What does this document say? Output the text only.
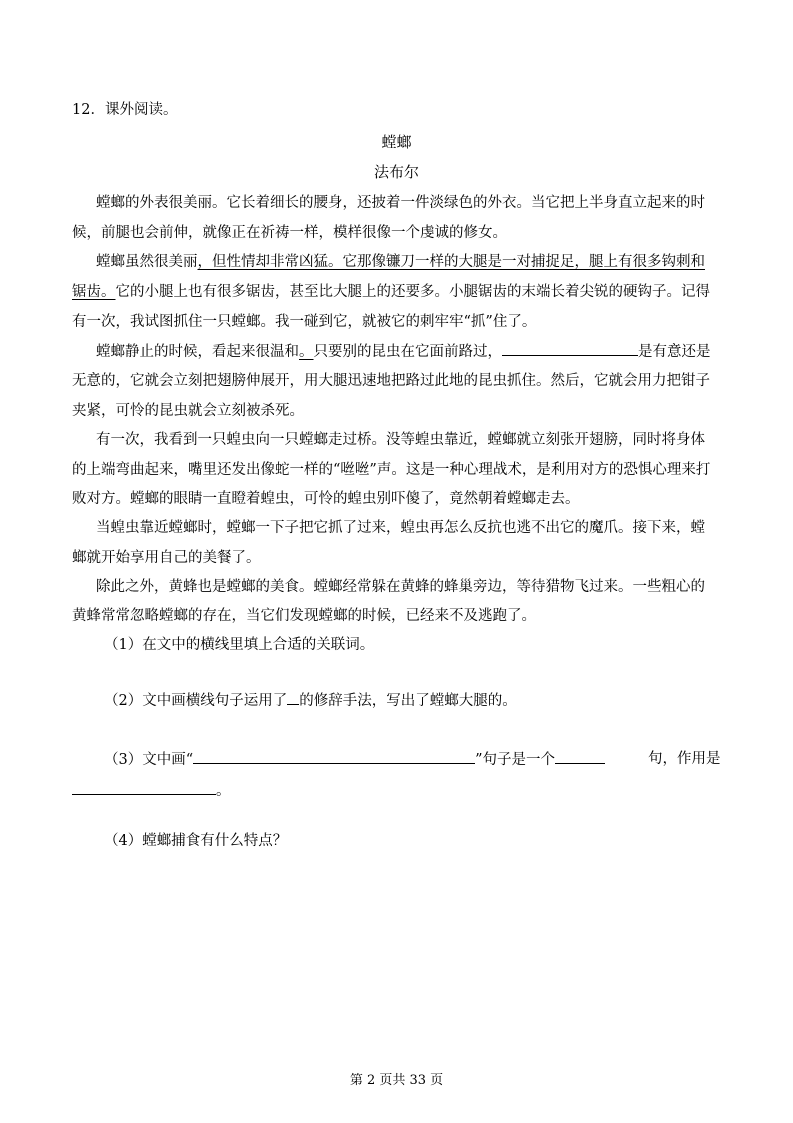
12．课外阅读。
螳螂
法布尔
螳螂的外表很美丽。它长着细长的腰身，还披着一件淡绿色的外衣。当它把上半身直立起来的时
候，前腿也会前伸，就像正在祈祷一样，模样很像一个虔诚的修女。
螳螂虽然很美丽，但性情却非常凶猛。它那像镰刀一样的大腿是一对捕捉足，腿上有很多钩刺和
锯齿。它的小腿上也有很多锯齿，甚至比大腿上的还要多。小腿锯齿的末端长着尖锐的硬钩子。记得
有一次，我试图抓住一只螳螂。我一碰到它，就被它的刺牢牢“抓”住了。
螳螂静止的时候，看起来很温和。只要别的昆虫在它面前路过，	是有意还是
无意的，它就会立刻把翅膀伸展开，用大腿迅速地把路过此地的昆虫抓住。然后，它就会用力把钳子
夹紧，可怜的昆虫就会立刻被杀死。
有一次，我看到一只蝗虫向一只螳螂走过桥。没等蝗虫靠近，螳螂就立刻张开翅膀，同时将身体
的上端弯曲起来，嘴里还发出像蛇一样的“咝咝”声。这是一种心理战术，是利用对方的恐惧心理来打
败对方。螳螂的眼睛一直瞪着蝗虫，可怜的蝗虫别吓傻了，竟然朝着螳螂走去。
当蝗虫靠近螳螂时，螳螂一下子把它抓了过来，蝗虫再怎么反抗也逃不出它的魔爪。接下来，螳
螂就开始享用自己的美餐了。
除此之外，黄蜂也是螳螂的美食。螳螂经常躲在黄蜂的蜂巢旁边，等待猎物飞过来。一些粗心的
黄蜂常常忽略螳螂的存在，当它们发现螳螂的时候，已经来不及逃跑了。
（1）在文中的横线里填上合适的关联词。
（2）文中画横线句子运用了 的修辞手法，写出了螳螂大腿的。
（3）文中画“	”句子是一个	句，作用是
。
（4）螳螂捕食有什么特点？
第 2 页共 33 页
